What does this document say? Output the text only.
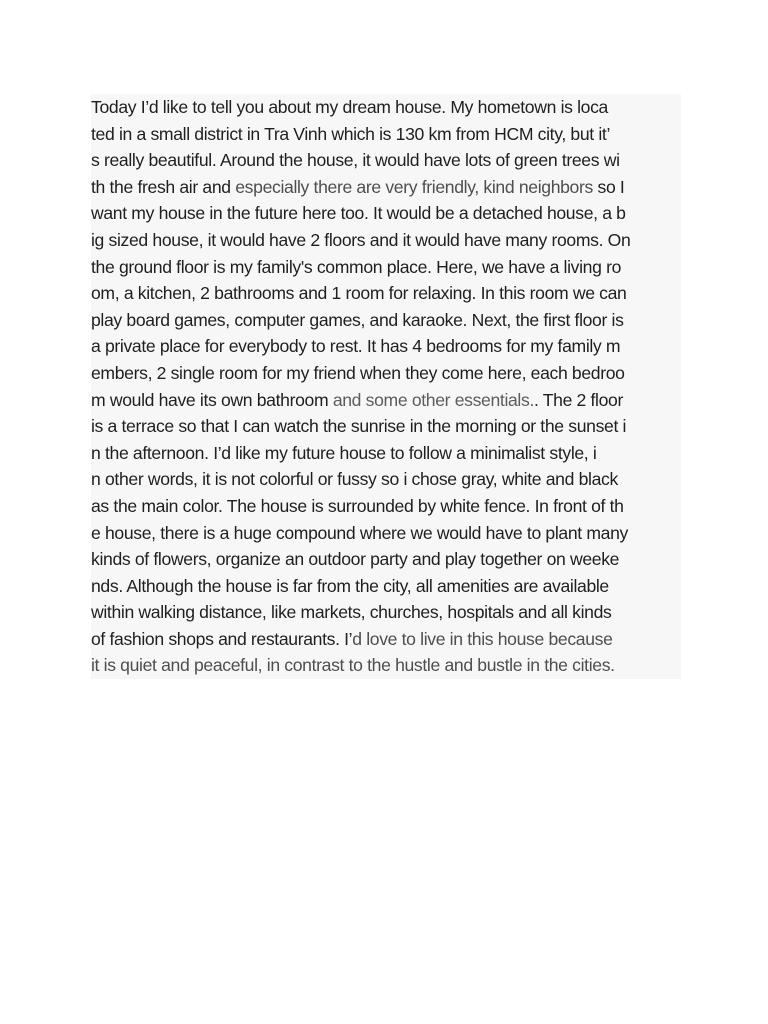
Today I’d like to tell you about my dream house. My hometown is loca
ted in a small district in Tra Vinh which is 130 km from HCM city, but it’
s really beautiful. Around the house, it would have lots of green trees wi
th the fresh air and especially there are very friendly, kind neighbors so I
want my house in the future here too. It would be a detached house, a b
ig sized house, it would have 2 floors and it would have many rooms. On
the ground floor is my family's common place. Here, we have a living ro
om, a kitchen, 2 bathrooms and 1 room for relaxing. In this room we can
play board games, computer games, and karaoke. Next, the first floor is
a private place for everybody to rest. It has 4 bedrooms for my family m
embers, 2 single room for my friend when they come here, each bedroo
m would have its own bathroom and some other essentials.. The 2 floor
is a terrace so that I can watch the sunrise in the morning or the sunset i
n the afternoon. I’d like my future house to follow a minimalist style, i
n other words, it is not colorful or fussy so i chose gray, white and black
as the main color. The house is surrounded by white fence. In front of th
e house, there is a huge compound where we would have to plant many
kinds of flowers, organize an outdoor party and play together on weeke
nds. Although the house is far from the city, all amenities are available
within walking distance, like markets, churches, hospitals and all kinds
of fashion shops and restaurants. I’d love to live in this house because
it is quiet and peaceful, in contrast to the hustle and bustle in the cities.
